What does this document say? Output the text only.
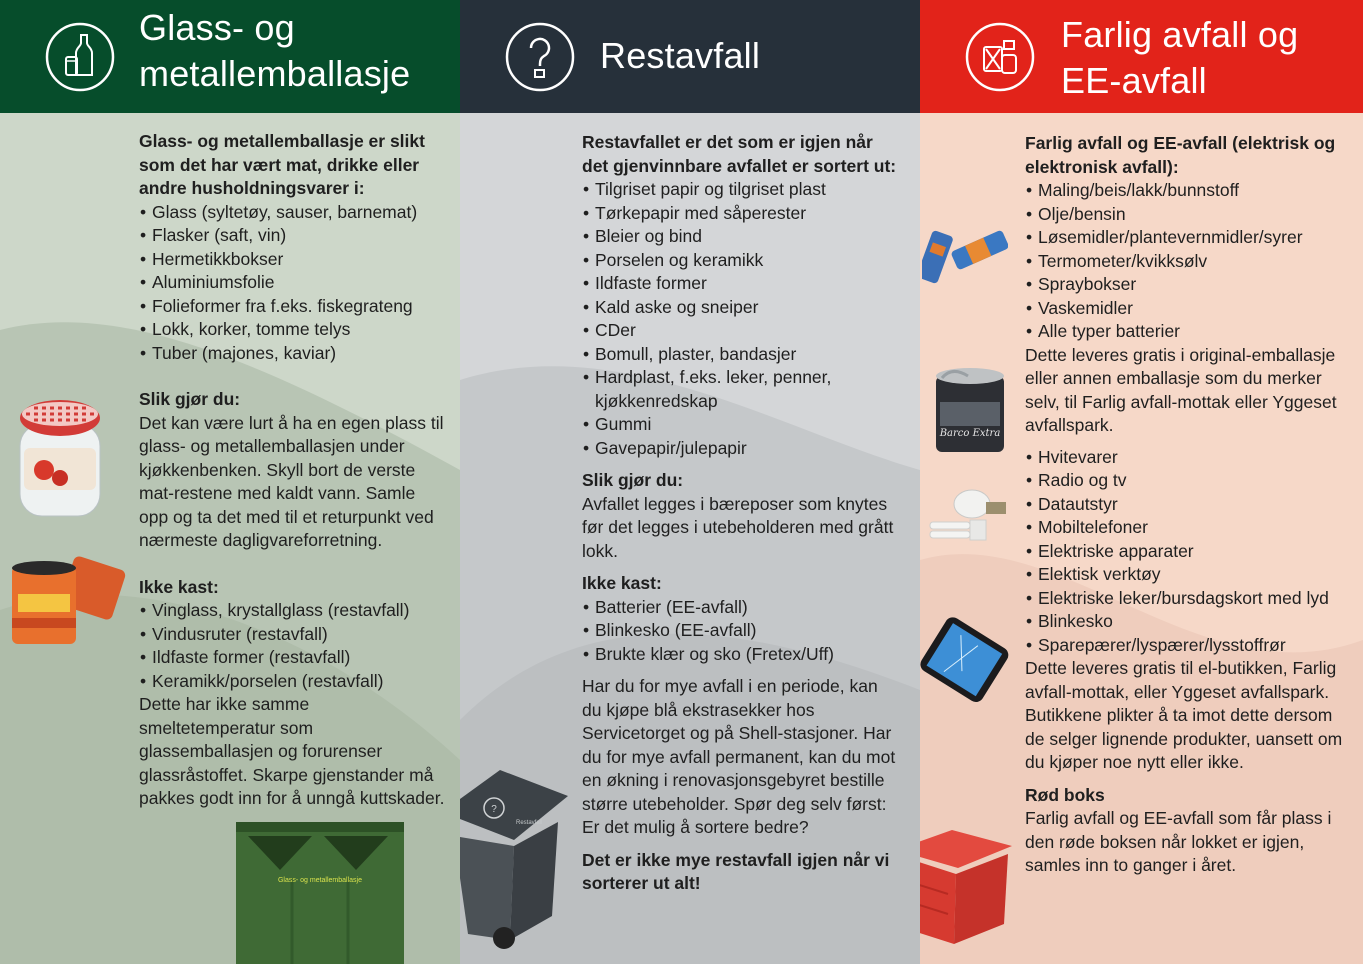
Glass- og
metallemballasje

Glass- og metallemballasje er slikt som det har vært mat, drikke eller andre husholdningsvarer i:

• Glass (syltetøy, sauser, barnemat)
• Flasker (saft, vin)
• Hermetikkbokser
• Aluminiumsfolie
• Folieformer fra f.eks. fiskegrateng
• Lokk, korker, tomme telys
• Tuber (majones, kaviar)

Slik gjør du:

Det kan være lurt å ha en egen plass til glass- og metallemballasjen under kjøkkenbenken. Skyll bort de verste mat-restene med kaldt vann. Samle opp og ta det med til et returpunkt ved nærmeste dagligvareforretning.

Ikke kast:

• Vinglass, krystallglass (restavfall)
• Vindusruter (restavfall)
• Ildfaste former (restavfall)
• Keramikk/porselen (restavfall)

Dette har ikke samme smeltetemperatur som glassemballasjen og forurenser glassråstoffet. Skarpe gjenstander må pakkes godt inn for å unngå kuttskader.

Glass- og metallemballasje
Restavfall

Restavfallet er det som er igjen når det gjenvinnbare avfallet er sortert ut:

• Tilgriset papir og tilgriset plast
• Tørkepapir med såperester
• Bleier og bind
• Porselen og keramikk
• Ildfaste former
• Kald aske og sneiper
• CDer
• Bomull, plaster, bandasjer
• Hardplast, f.eks. leker, penner, kjøkkenredskap
• Gummi
• Gavepapir/julepapir

Slik gjør du:

Avfallet legges i bæreposer som knytes før det legges i utebeholderen med grått lokk.

Ikke kast:

• Batterier (EE-avfall)
• Blinkesko (EE-avfall)
• Brukte klær og sko (Fretex/Uff)

Har du for mye avfall i en periode, kan du kjøpe blå ekstrasekker hos Servicetorget og på Shell-stasjoner. Har du for mye avfall permanent, kan du mot en økning i renovasjonsgebyret bestille større utebeholder. Spør deg selv først: Er det mulig å sortere bedre?

Det er ikke mye restavfall igjen når vi sorterer ut alt!

?
Restavfall
Farlig avfall og
EE-avfall

Farlig avfall og EE-avfall (elektrisk og elektronisk avfall):

• Maling/beis/lakk/bunnstoff
• Olje/bensin
• Løsemidler/plantevernmidler/syrer
• Termometer/kvikksølv
• Spraybokser
• Vaskemidler
• Alle typer batterier

Dette leveres gratis i original-emballasje eller annen emballasje som du merker selv, til Farlig avfall-mottak eller Yggeset avfallspark.

• Hvitevarer
• Radio og tv
• Datautstyr
• Mobiltelefoner
• Elektriske apparater
• Elektisk verktøy
• Elektriske leker/bursdagskort med lyd
• Blinkesko
• Sparepærer/lyspærer/lysstoffrør

Dette leveres gratis til el-butikken, Farlig avfall-mottak, eller Yggeset avfallspark. Butikkene plikter å ta imot dette dersom de selger lignende produkter, uansett om du kjøper noe nytt eller ikke.

Rød boks

Farlig avfall og EE-avfall som får plass i den røde boksen når lokket er igjen, samles inn to ganger i året.

Barco Extra
